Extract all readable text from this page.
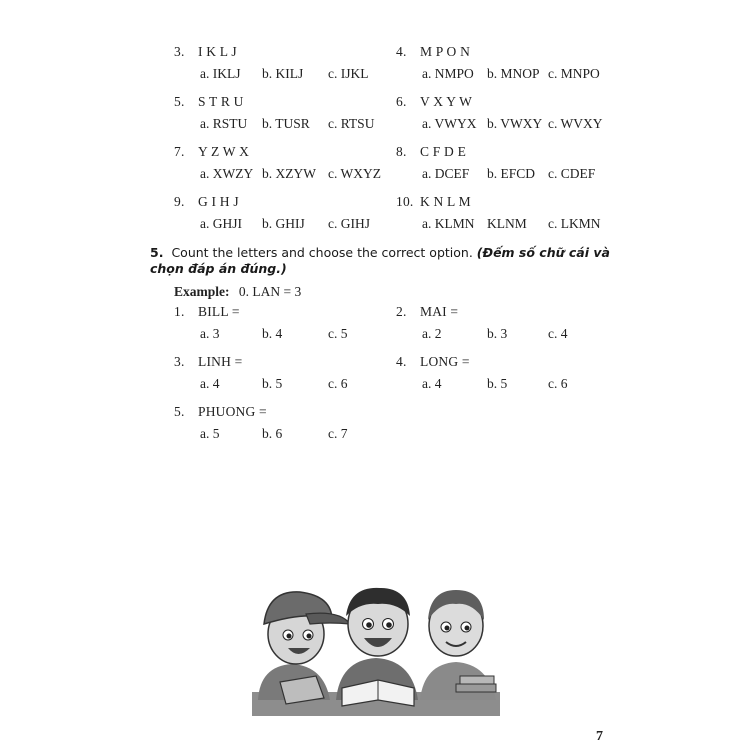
3. I K L J
a. IKLJ b. KILJ c. IJKL
4. M P O N
a. NMPO b. MNOP c. MNPO
5. S T R U
a. RSTU b. TUSR c. RTSU
6. V X Y W
a. VWYX b. VWXY c. WVXY
7. Y Z W X
a. XWZY b. XZYW c. WXYZ
8. C F D E
a. DCEF b. EFCD c. CDEF
9. G I H J
a. GHJI b. GHIJ c. GIHJ
10. K N L M
a. KLMN KLNM c. LKMN
5. Count the letters and choose the correct option. (Đếm số chữ cái và chọn đáp án đúng.)
Example: 0. LAN = 3
1. BILL =
a. 3	b. 4	c. 5
2. MAI =
a. 2	b. 3	c. 4
3. LINH =
a. 4	b. 5	c. 6
4. LONG =
a. 4	b. 5	c. 6
5. PHUONG =
a. 5	b. 6	c. 7
7
